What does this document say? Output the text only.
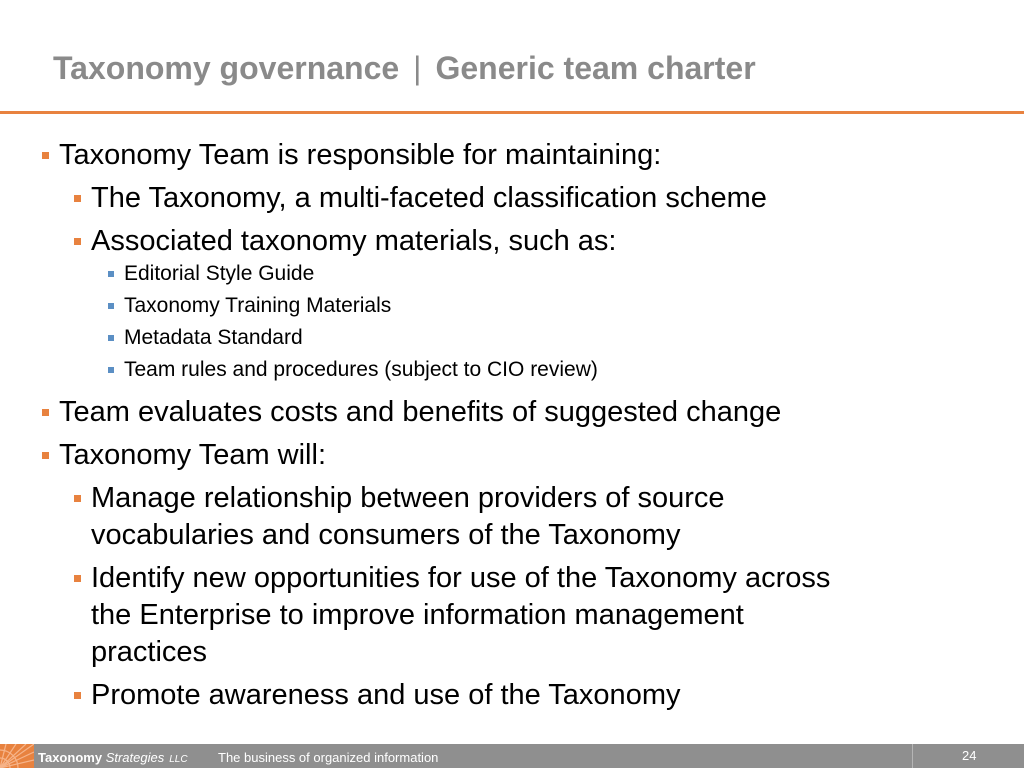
Taxonomy governance | Generic team charter
Taxonomy Team is responsible for maintaining:
The Taxonomy, a multi-faceted classification scheme
Associated taxonomy materials, such as:
Editorial Style Guide
Taxonomy Training Materials
Metadata Standard
Team rules and procedures (subject to CIO review)
Team evaluates costs and benefits of suggested change
Taxonomy Team will:
Manage relationship between providers of source
vocabularies and consumers of the Taxonomy
Identify new opportunities for use of the Taxonomy across
the Enterprise to improve information management
practices
Promote awareness and use of the Taxonomy
Taxonomy Strategies LLC The business of organized information	24
